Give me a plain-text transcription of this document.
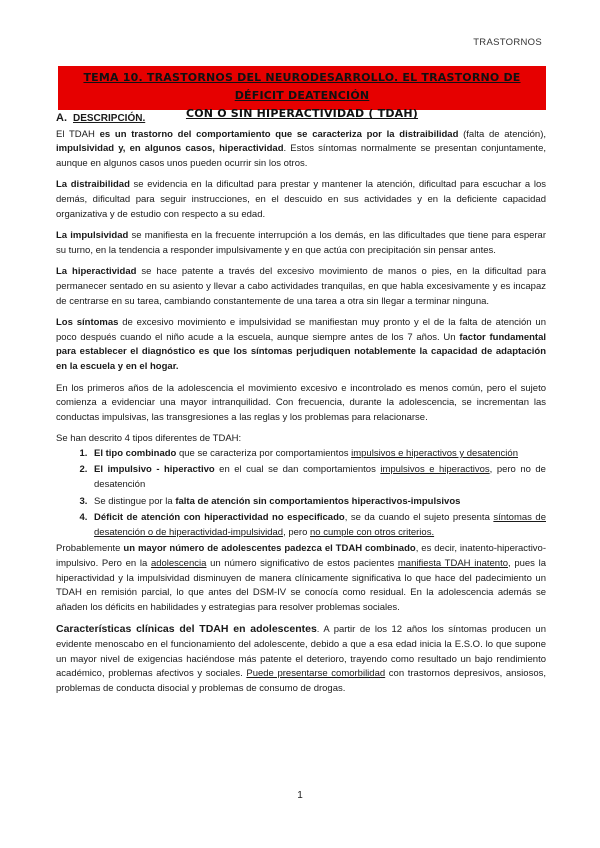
TRASTORNOS
TEMA 10. TRASTORNOS DEL NEURODESARROLLO. EL TRASTORNO DE DÉFICIT DEATENCIÓN
CON O SIN HIPERACTIVIDAD ( TDAH)
A. DESCRIPCIÓN.

El TDAH es un trastorno del comportamiento que se caracteriza por la distraibilidad (falta de atención), impulsividad y, en algunos casos, hiperactividad. Estos síntomas normalmente se presentan conjuntamente, aunque en algunos casos unos pueden ocurrir sin los otros.

La distraibilidad se evidencia en la dificultad para prestar y mantener la atención, dificultad para escuchar a los demás, dificultad para seguir instrucciones, en el descuido en sus actividades y en la deficiente capacidad organizativa y de estudio con respecto a su edad.

La impulsividad se manifiesta en la frecuente interrupción a los demás, en las dificultades que tiene para esperar su turno, en la tendencia a responder impulsivamente y en que actúa con precipitación sin pensar antes.

La hiperactividad se hace patente a través del excesivo movimiento de manos o pies, en la dificultad para permanecer sentado en su asiento y llevar a cabo actividades tranquilas, en que habla excesivamente y es incapaz de centrarse en su tarea, cambiando constantemente de una tarea a otra sin llegar a terminar ninguna.

Los síntomas de excesivo movimiento e impulsividad se manifiestan muy pronto y el de la falta de atención un poco después cuando el niño acude a la escuela, aunque siempre antes de los 7 años. Un factor fundamental para establecer el diagnóstico es que los síntomas perjudiquen notablemente la capacidad de adaptación en la escuela y en el hogar.

En los primeros años de la adolescencia el movimiento excesivo e incontrolado es menos común, pero el sujeto comienza a evidenciar una mayor intranquilidad. Con frecuencia, durante la adolescencia, se incrementan las conductas impulsivas, las transgresiones a las reglas y los problemas para relacionarse.

Se han descrito 4 tipos diferentes de TDAH:
1. El tipo combinado que se caracteriza por comportamientos impulsivos e hiperactivos y desatención
2. El impulsivo - hiperactivo en el cual se dan comportamientos impulsivos e hiperactivos, pero no de desatención
3. Se distingue por la falta de atención sin comportamientos hiperactivos-impulsivos
4. Déficit de atención con hiperactividad no especificado, se da cuando el sujeto presenta síntomas de desatención o de hiperactividad-impulsividad, pero no cumple con otros criterios.

Probablemente un mayor número de adolescentes padezca el TDAH combinado, es decir, inatento-hiperactivo-impulsivo. Pero en la adolescencia un número significativo de estos pacientes manifiesta TDAH inatento, pues la hiperactividad y la impulsividad disminuyen de manera clínicamente significativa lo que hace del padecimiento un TDAH en remisión parcial, lo que antes del DSM-IV se conocía como residual. En la adolescencia además se añaden los déficits en habilidades y estrategias para resolver problemas sociales.

Características clínicas del TDAH en adolescentes. A partir de los 12 años los síntomas producen un evidente menoscabo en el funcionamiento del adolescente, debido a que a esa edad inicia la E.S.O. lo que supone un mayor nivel de exigencias haciéndose más patente el deterioro, trayendo como resultado un bajo rendimiento académico, problemas afectivos y sociales. Puede presentarse comorbilidad con trastornos depresivos, ansiosos, problemas de conducta disocial y problemas de consumo de drogas.

1
